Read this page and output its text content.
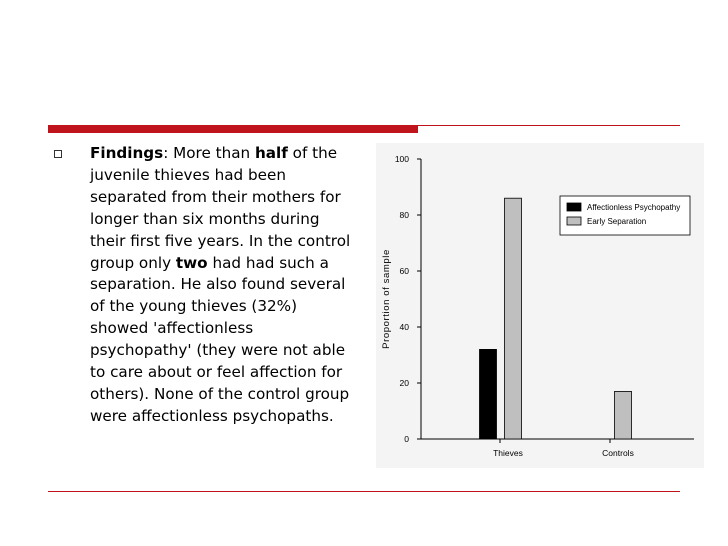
Findings: More than half of the juvenile thieves had been separated from their mothers for longer than six months during their first five years. In the control group only two had had such a separation. He also found several of the young thieves (32%) showed 'affectionless psychopathy' (they were not able to care about or feel affection for others). None of the control group were affectionless psychopaths.

0
20
40
60
80
100
Proportion of sample
Thieves	Controls
Affectionless Psychopathy
Early Separation
